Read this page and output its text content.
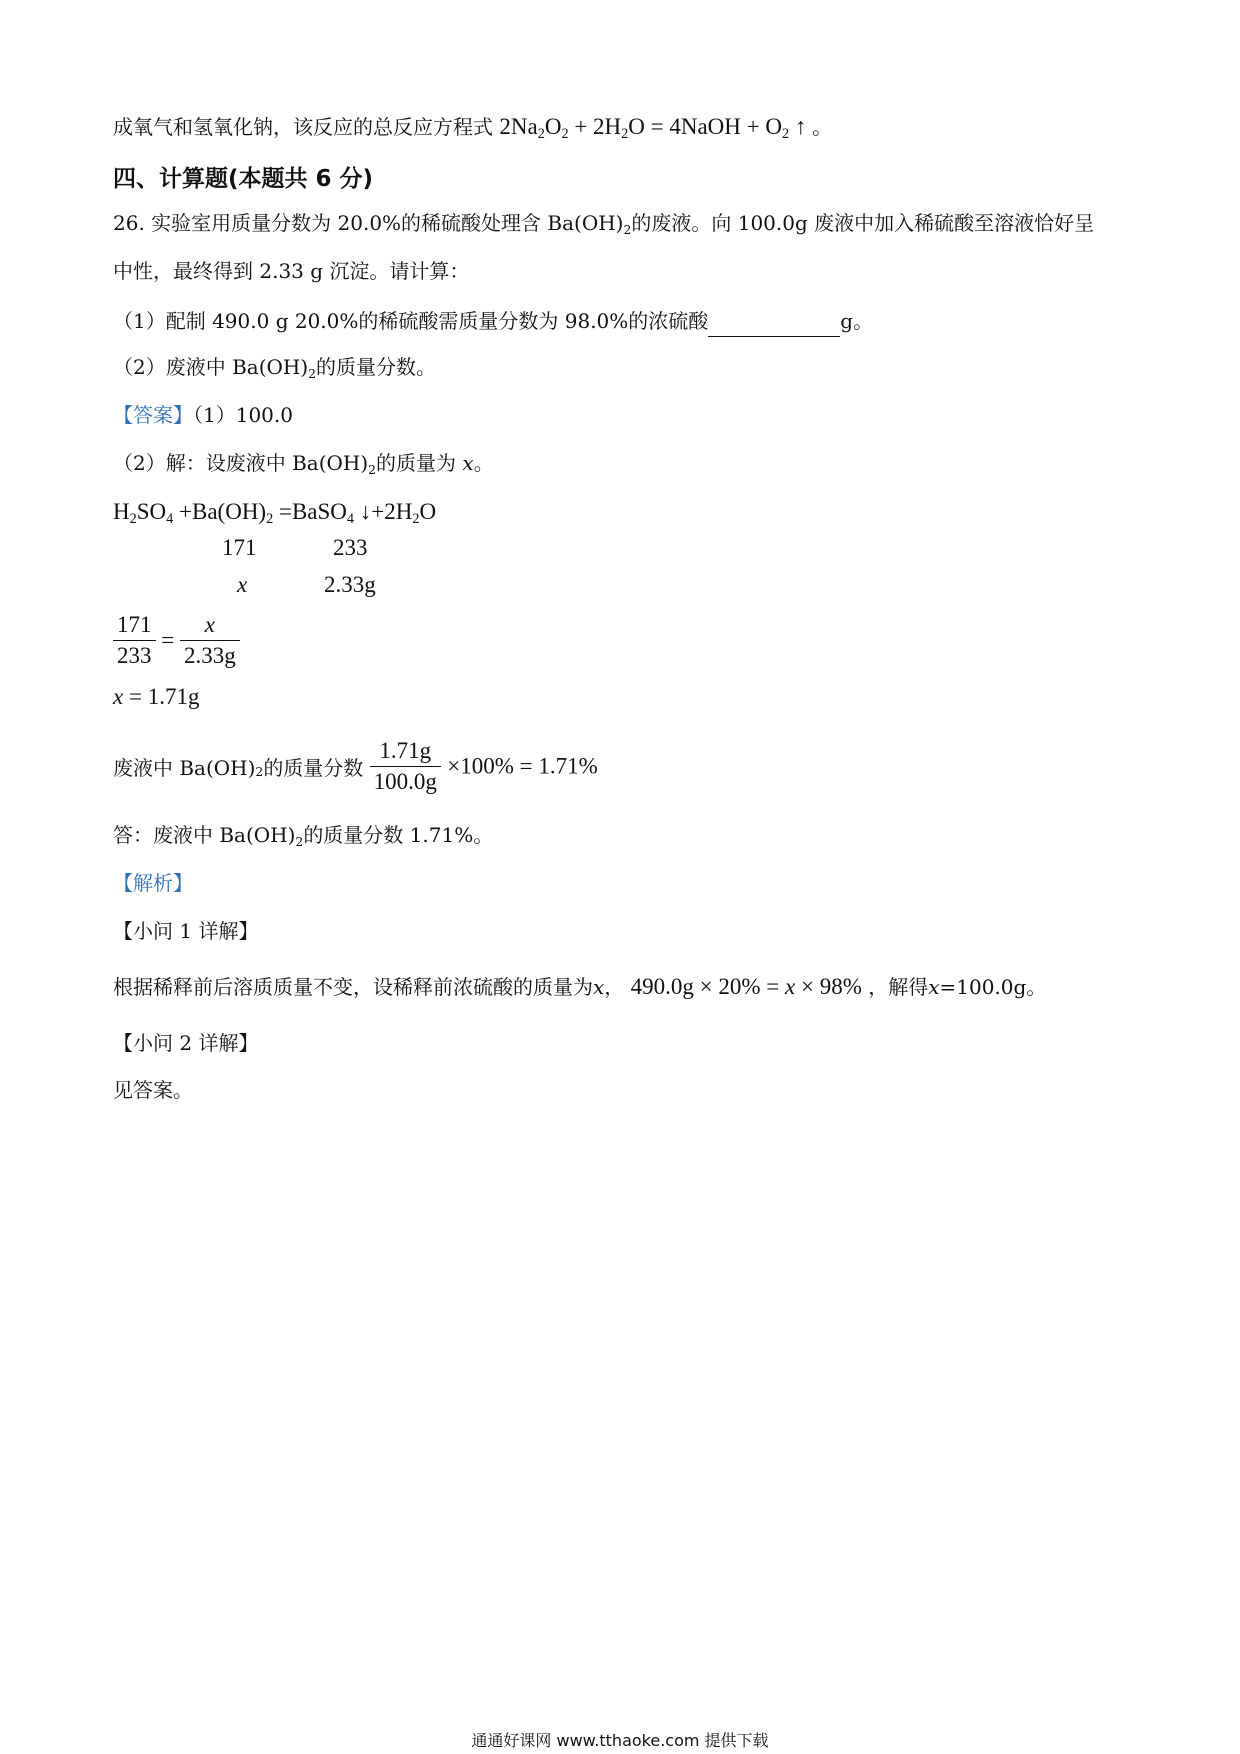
成氧气和氢氧化钠，该反应的总反应方程式 $2Na_2O_2 + 2H_2O$ = 4NaOH + $O_2$ ↑ 。
四、计算题(本题共 6 分)
26. 实验室用质量分数为 20.0%的稀硫酸处理含 $Ba(OH)_2$的废液。向 100.0g 废液中加入稀硫酸至溶液恰好呈
中性，最终得到 2.33 g 沉淀。请计算：
（1）配制 490.0 g 20.0%的稀硫酸需质量分数为 98.0%的浓硫酸	g。
（2）废液中 $Ba(OH)_2$的质量分数。
【答案】（1）100.0
（2）解：设废液中 $Ba(OH)_2$的质量为 x。
$H_2SO_4 +Ba(OH)_2$ =BaSO$_4$ $↓+2H_2O$
171	233
x	2.33g
$\frac{171}{233} = \frac{x}{2.33g}$
x = 1.71g
废液中 $Ba(OH)_2$的质量分数 $\frac{1.71g}{100.0g} \times 100\% = 1.71\%$
答：废液中 $Ba(OH)_2$的质量分数 1.71%。
【解析】
【小问 1 详解】
根据稀释前后溶质质量不变，设稀释前浓硫酸的质量为x， 490.0g × 20% = x × 98% ，解得x=100.0g。
【小问 2 详解】
见答案。
通通好课网 www.tthaoke.com 提供下载
